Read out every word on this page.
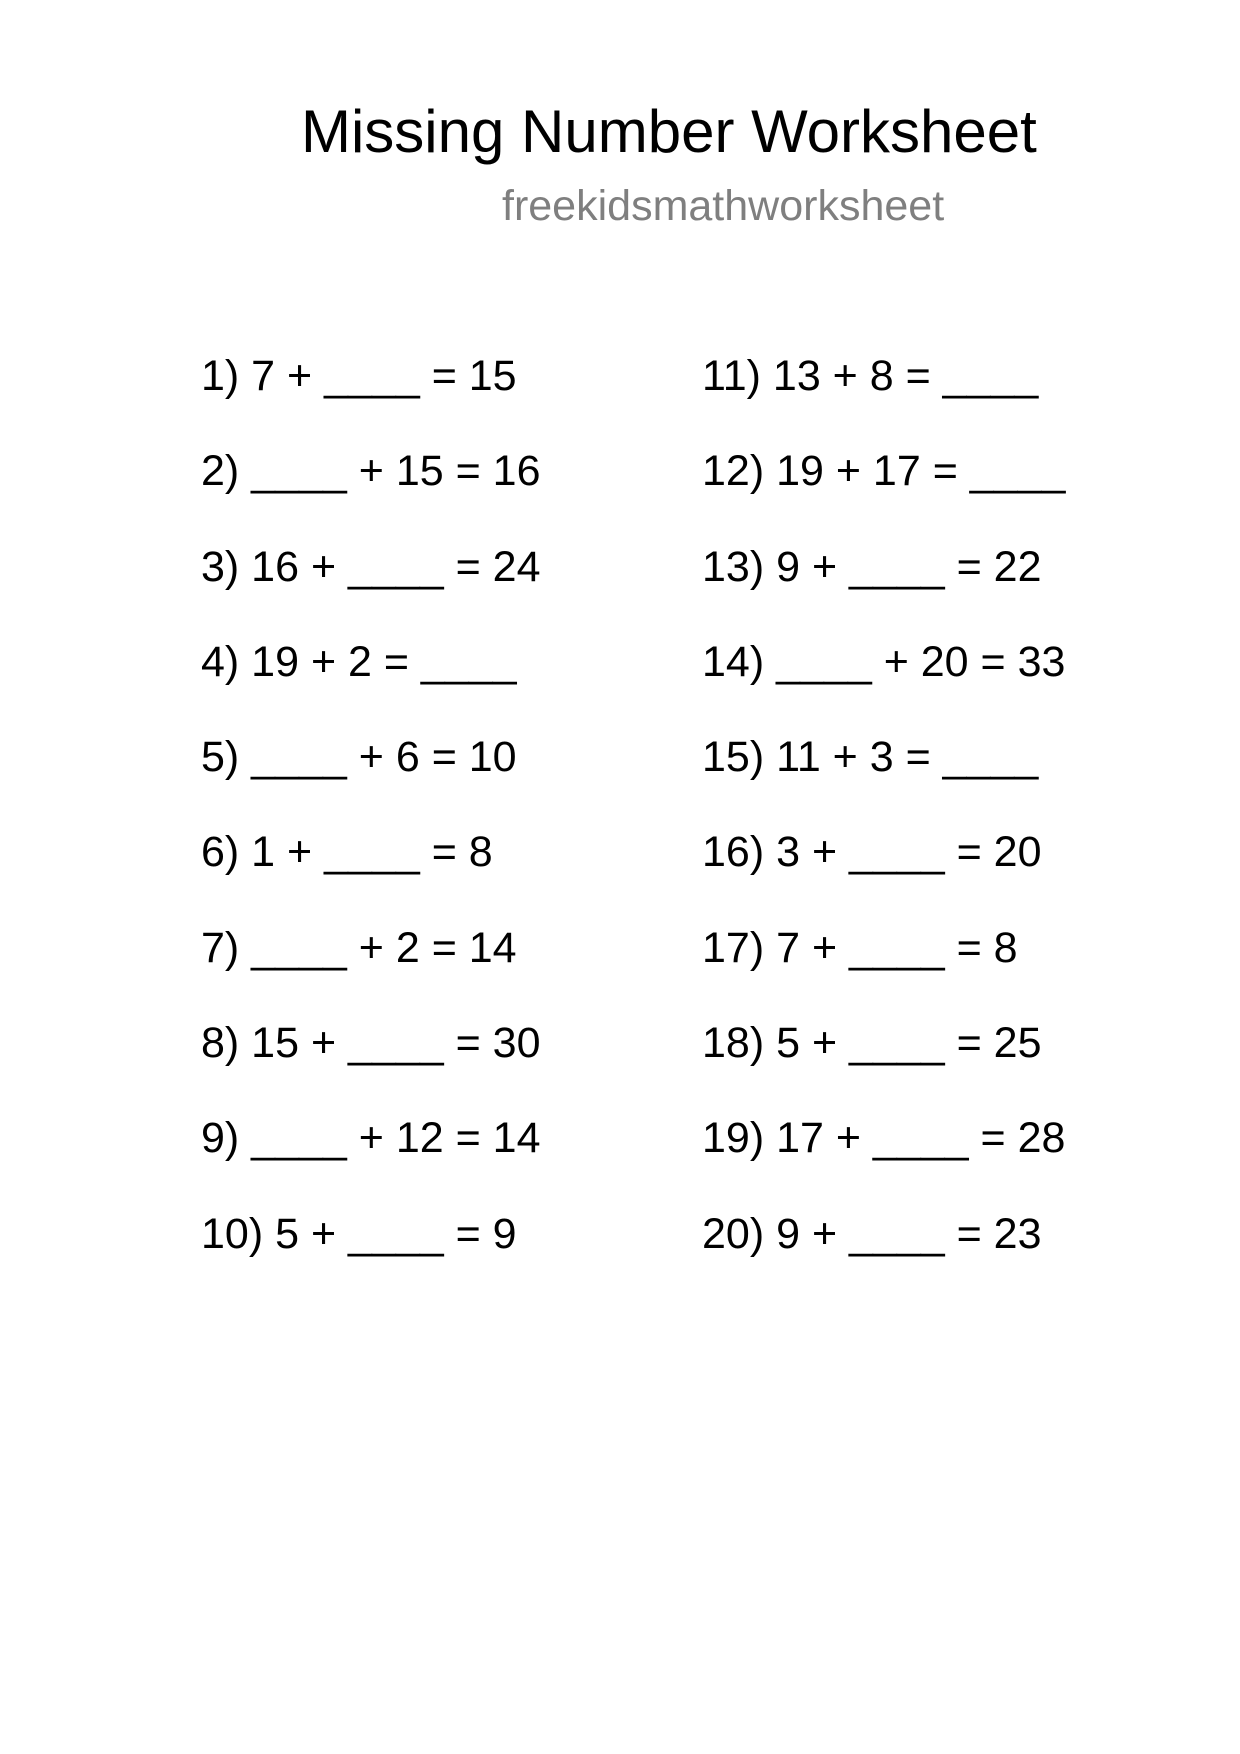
Missing Number Worksheet
freekidsmathworksheet
1) 7 + ____ = 15
2) ____ + 15 = 16
3) 16 + ____ = 24
4) 19 + 2 = ____
5) ____ + 6 = 10
6) 1 + ____ = 8
7) ____ + 2 = 14
8) 15 + ____ = 30
9) ____ + 12 = 14
10) 5 + ____ = 9
11) 13 + 8 = ____
12) 19 + 17 = ____
13) 9 + ____ = 22
14) ____ + 20 = 33
15) 11 + 3 = ____
16) 3 + ____ = 20
17) 7 + ____ = 8
18) 5 + ____ = 25
19) 17 + ____ = 28
20) 9 + ____ = 23
